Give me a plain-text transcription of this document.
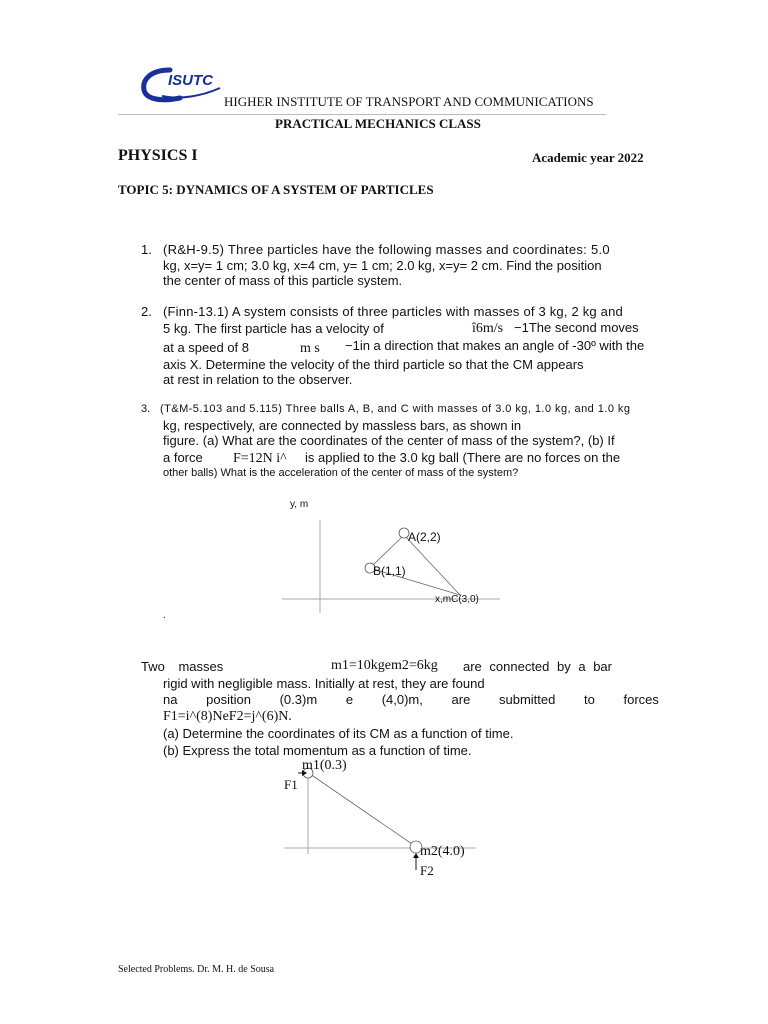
ISUTC
HIGHER INSTITUTE OF TRANSPORT AND COMMUNICATIONS
PRACTICAL MECHANICS CLASS
PHYSICS I	Academic year 2022
TOPIC 5: DYNAMICS OF A SYSTEM OF PARTICLES
1. (R&H-9.5) Three particles have the following masses and coordinates: 5.0
kg, x=y= 1 cm; 3.0 kg, x=4 cm, y= 1 cm; 2.0 kg, x=y= 2 cm. Find the position
the center of mass of this particle system.
2. (Finn-13.1) A system consists of three particles with masses of 3 kg, 2 kg and
5 kg. The first particle has a velocity of	î6m/s −1The second moves
at a speed of 8	m s −1in a direction that makes an angle of -30º with the
axis X. Determine the velocity of the third particle so that the CM appears
at rest in relation to the observer.
3. (T&M-5.103 and 5.115) Three balls A, B, and C with masses of 3.0 kg, 1.0 kg, and 1.0 kg
kg, respectively, are connected by massless bars, as shown in
figure. (a) What are the coordinates of the center of mass of the system?, (b) If
a force F=12N i^ is applied to the 3.0 kg ball (There are no forces on the
other balls) What is the acceleration of the center of mass of the system?
y, m
A(2,2)
B(1,1)
x,mC(3,0)
.
Two masses	m1=10kgem2=6kg are connected by a bar
rigid with negligible mass. Initially at rest, they are found
na position (0.3)m e (4,0)m, are submitted to forces
F1=i^(8)NeF2=j^(6)N.
(a) Determine the coordinates of its CM as a function of time.
(b) Express the total momentum as a function of time.
m1(0.3)
F1
m2(4.0)
F2
Selected Problems. Dr. M. H. de Sousa
